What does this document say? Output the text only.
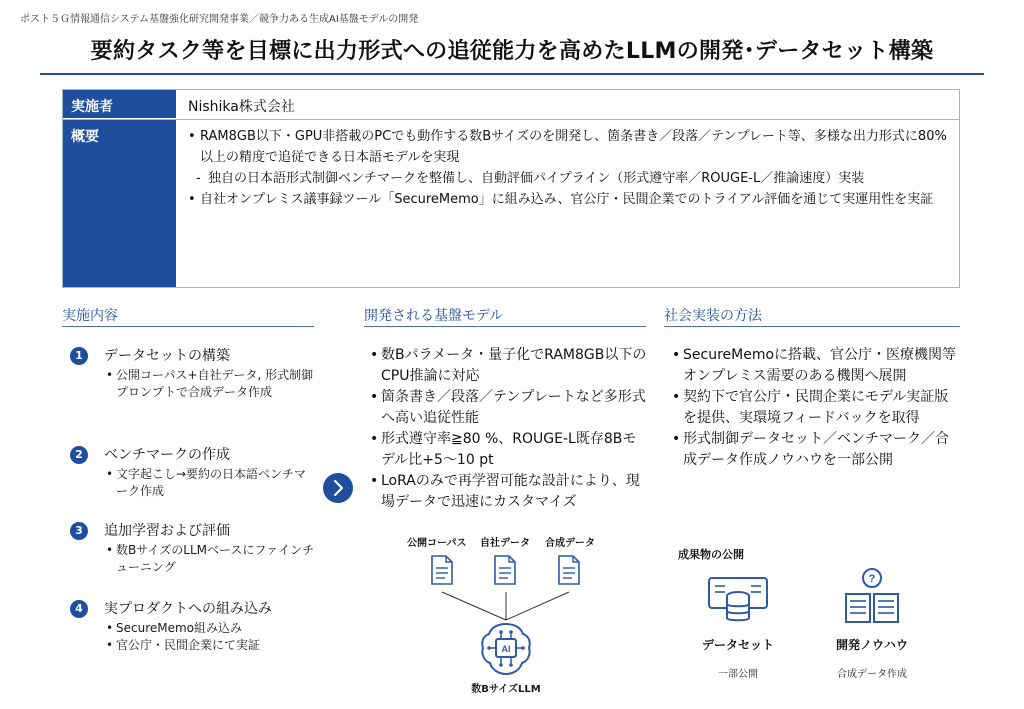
ポスト５Ｇ情報通信システム基盤強化研究開発事業／競争力ある生成AI基盤モデルの開発
要約タスク等を目標に出力形式への追従能力を高めたLLMの開発･データセット構築
実施者	Nishika株式会社
概要
•	RAM8GB以下・GPU非搭載のPCでも動作する数Bサイズのを開発し、箇条書き／段落／テンプレート等、多様な出力形式に80%以上の精度で追従できる日本語モデルを実現
- 独自の日本語形式制御ベンチマークを整備し、自動評価パイプライン（形式遵守率／ROUGE-L／推論速度）実装
• 自社オンプレミス議事録ツール「SecureMemo」に組み込み、官公庁・民間企業でのトライアル評価を通じて実運用性を実証
実施内容	開発される基盤モデル	社会実装の方法
1	データセットの構築
• 公開コーパス+自社データ, 形式制御プロンプトで合成データ作成
2	ベンチマークの作成
• 文字起こし→要約の日本語ベンチマーク作成
3	追加学習および評価
• 数BサイズのLLMベースにファインチューニング
4	実プロダクトへの組み込み
• SecureMemo組み込み
• 官公庁・民間企業にて実証
• 数Bパラメータ・量子化でRAM8GB以下のCPU推論に対応
• 箇条書き／段落／テンプレートなど多形式へ高い追従性能
• 形式遵守率≧80 %、ROUGE-L既存8Bモデル比+5～10 pt
• LoRAのみで再学習可能な設計により、現場データで迅速にカスタマイズ
• SecureMemoに搭載、官公庁・医療機関等オンプレミス需要のある機関へ展開
• 契約下で官公庁・民間企業にモデル実証版を提供、実環境フィードバックを取得
• 形式制御データセット／ベンチマーク／合成データ作成ノウハウを一部公開
公開コーパス 自社データ 合成データ
AI
数BサイズLLM
成果物の公開
データセット
一部公開
?
開発ノウハウ
合成データ作成
